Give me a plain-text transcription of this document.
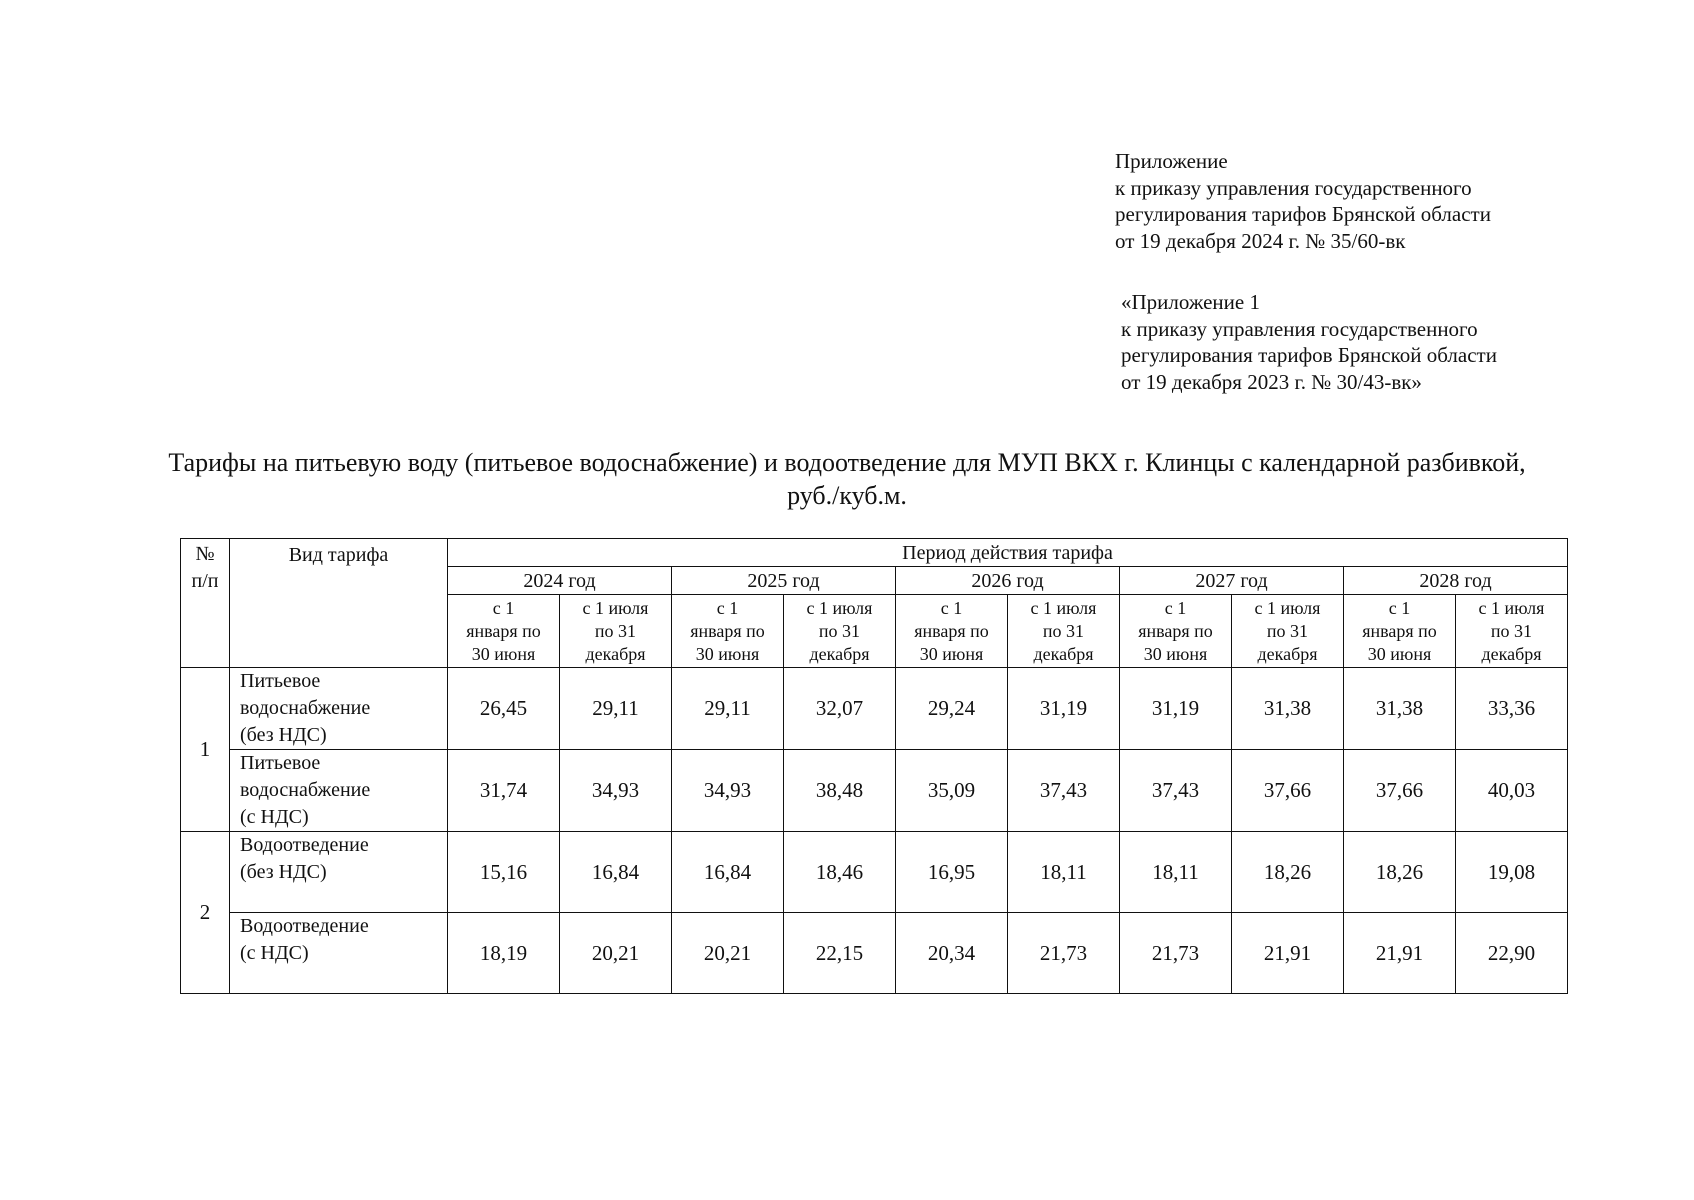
Приложение
к приказу управления государственного
регулирования тарифов Брянской области
от 19 декабря 2024 г. № 35/60-вк
«Приложение 1
к приказу управления государственного
регулирования тарифов Брянской области
от 19 декабря 2023 г. № 30/43-вк»
Тарифы на питьевую воду (питьевое водоснабжение) и водоотведение для МУП ВКХ г. Клинцы с календарной разбивкой,
руб./куб.м.
№
п/п	Вид тарифа	Период действия тарифа									
		2024 год		2025 год		2026 год		2027 год		2028 год	

		с 1
января по
30 июня	с 1 июля
по 31
декабря	с 1
января по
30 июня	с 1 июля
по 31
декабря	с 1
января по
30 июня	с 1 июля
по 31
декабря	с 1
января по
30 июня	с 1 июля
по 31
декабря	с 1
января по
30 июня	с 1 июля
по 31
декабря

1	Питьевое
водоснабжение
(без НДС)	26,45	29,11	29,11	32,07	29,24	31,19	31,19	31,38	31,38	33,36

	Питьевое
водоснабжение
(с НДС)	31,74	34,93	34,93	38,48	35,09	37,43	37,43	37,66	37,66	40,03
2	Водоотведение
(без НДС)	15,16	16,84	16,84	18,46	16,95	18,11	18,11	18,26	18,26	19,08

	Водоотведение
(с НДС)	18,19	20,21	20,21	22,15	20,34	21,73	21,73	21,91	21,91	22,90
